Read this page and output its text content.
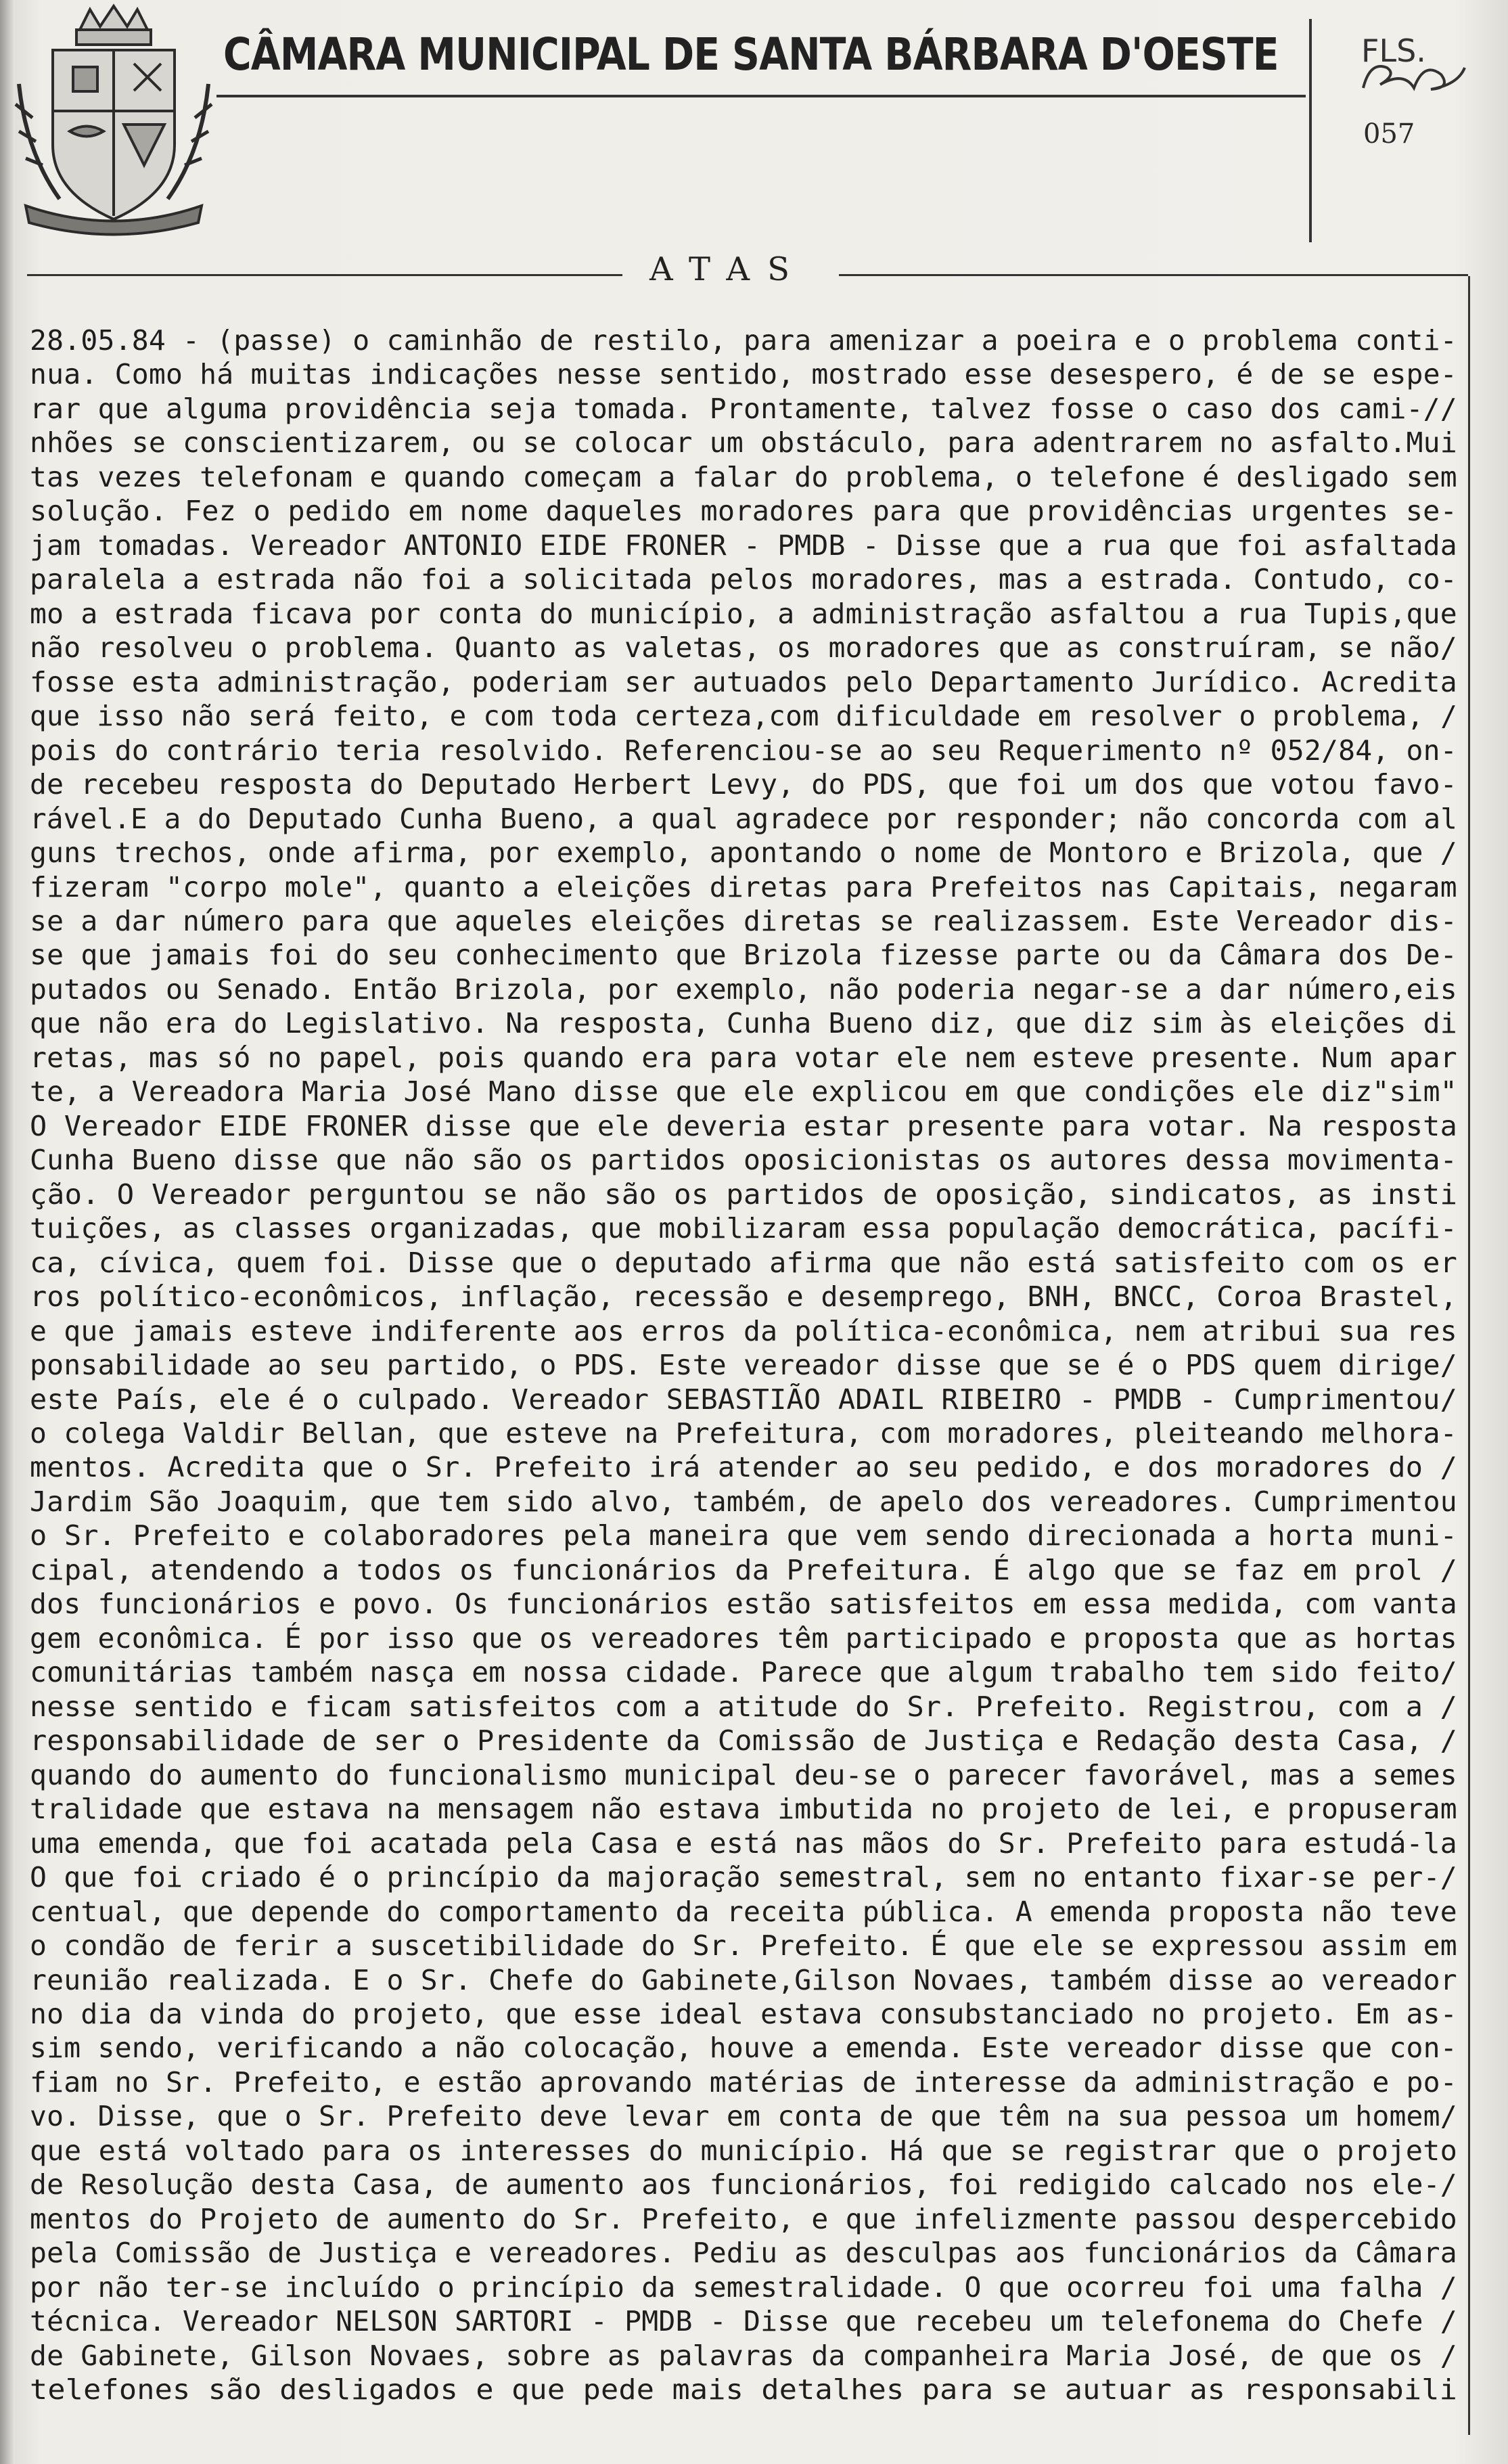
CÂMARA MUNICIPAL DE SANTA BÁRBARA D'OESTE	FLS.
057
ATAS
28.05.84 - (passe) o caminhão de restilo, para amenizar a poeira e o problema conti-
nua. Como há muitas indicações nesse sentido, mostrado esse desespero, é de se espe-
rar que alguma providência seja tomada. Prontamente, talvez fosse o caso dos cami-//
nhões se conscientizarem, ou se colocar um obstáculo, para adentrarem no asfalto.Mui
tas vezes telefonam e quando começam a falar do problema, o telefone é desligado sem
solução. Fez o pedido em nome daqueles moradores para que providências urgentes se-
jam tomadas. Vereador ANTONIO EIDE FRONER - PMDB - Disse que a rua que foi asfaltada
paralela a estrada não foi a solicitada pelos moradores, mas a estrada. Contudo, co-
mo a estrada ficava por conta do município, a administração asfaltou a rua Tupis,que
não resolveu o problema. Quanto as valetas, os moradores que as construíram, se não/
fosse esta administração, poderiam ser autuados pelo Departamento Jurídico. Acredita
que isso não será feito, e com toda certeza,com dificuldade em resolver o problema, /
pois do contrário teria resolvido. Referenciou-se ao seu Requerimento nº 052/84, on-
de recebeu resposta do Deputado Herbert Levy, do PDS, que foi um dos que votou favo-
rável.E a do Deputado Cunha Bueno, a qual agradece por responder; não concorda com al
guns trechos, onde afirma, por exemplo, apontando o nome de Montoro e Brizola, que /
fizeram "corpo mole", quanto a eleições diretas para Prefeitos nas Capitais, negaram
se a dar número para que aqueles eleições diretas se realizassem. Este Vereador dis-
se que jamais foi do seu conhecimento que Brizola fizesse parte ou da Câmara dos De-
putados ou Senado. Então Brizola, por exemplo, não poderia negar-se a dar número,eis
que não era do Legislativo. Na resposta, Cunha Bueno diz, que diz sim às eleições di
retas, mas só no papel, pois quando era para votar ele nem esteve presente. Num apar
te, a Vereadora Maria José Mano disse que ele explicou em que condições ele diz"sim"
O Vereador EIDE FRONER disse que ele deveria estar presente para votar. Na resposta
Cunha Bueno disse que não são os partidos oposicionistas os autores dessa movimenta-
ção. O Vereador perguntou se não são os partidos de oposição, sindicatos, as insti
tuições, as classes organizadas, que mobilizaram essa população democrática, pacífi-
ca, cívica, quem foi. Disse que o deputado afirma que não está satisfeito com os er
ros político-econômicos, inflação, recessão e desemprego, BNH, BNCC, Coroa Brastel,
e que jamais esteve indiferente aos erros da política-econômica, nem atribui sua res
ponsabilidade ao seu partido, o PDS. Este vereador disse que se é o PDS quem dirige/
este País, ele é o culpado. Vereador SEBASTIÃO ADAIL RIBEIRO - PMDB - Cumprimentou/
o colega Valdir Bellan, que esteve na Prefeitura, com moradores, pleiteando melhora-
mentos. Acredita que o Sr. Prefeito irá atender ao seu pedido, e dos moradores do /
Jardim São Joaquim, que tem sido alvo, também, de apelo dos vereadores. Cumprimentou
o Sr. Prefeito e colaboradores pela maneira que vem sendo direcionada a horta muni-
cipal, atendendo a todos os funcionários da Prefeitura. É algo que se faz em prol /
dos funcionários e povo. Os funcionários estão satisfeitos em essa medida, com vanta
gem econômica. É por isso que os vereadores têm participado e proposta que as hortas
comunitárias também nasça em nossa cidade. Parece que algum trabalho tem sido feito/
nesse sentido e ficam satisfeitos com a atitude do Sr. Prefeito. Registrou, com a /
responsabilidade de ser o Presidente da Comissão de Justiça e Redação desta Casa, /
quando do aumento do funcionalismo municipal deu-se o parecer favorável, mas a semes
tralidade que estava na mensagem não estava imbutida no projeto de lei, e propuseram
uma emenda, que foi acatada pela Casa e está nas mãos do Sr. Prefeito para estudá-la
O que foi criado é o princípio da majoração semestral, sem no entanto fixar-se per-/
centual, que depende do comportamento da receita pública. A emenda proposta não teve
o condão de ferir a suscetibilidade do Sr. Prefeito. É que ele se expressou assim em
reunião realizada. E o Sr. Chefe do Gabinete,Gilson Novaes, também disse ao vereador
no dia da vinda do projeto, que esse ideal estava consubstanciado no projeto. Em as-
sim sendo, verificando a não colocação, houve a emenda. Este vereador disse que con-
fiam no Sr. Prefeito, e estão aprovando matérias de interesse da administração e po-
vo. Disse, que o Sr. Prefeito deve levar em conta de que têm na sua pessoa um homem/
que está voltado para os interesses do município. Há que se registrar que o projeto
de Resolução desta Casa, de aumento aos funcionários, foi redigido calcado nos ele-/
mentos do Projeto de aumento do Sr. Prefeito, e que infelizmente passou despercebido
pela Comissão de Justiça e vereadores. Pediu as desculpas aos funcionários da Câmara
por não ter-se incluído o princípio da semestralidade. O que ocorreu foi uma falha /
técnica. Vereador NELSON SARTORI - PMDB - Disse que recebeu um telefonema do Chefe /
de Gabinete, Gilson Novaes, sobre as palavras da companheira Maria José, de que os /
telefones são desligados e que pede mais detalhes para se autuar as responsabili
